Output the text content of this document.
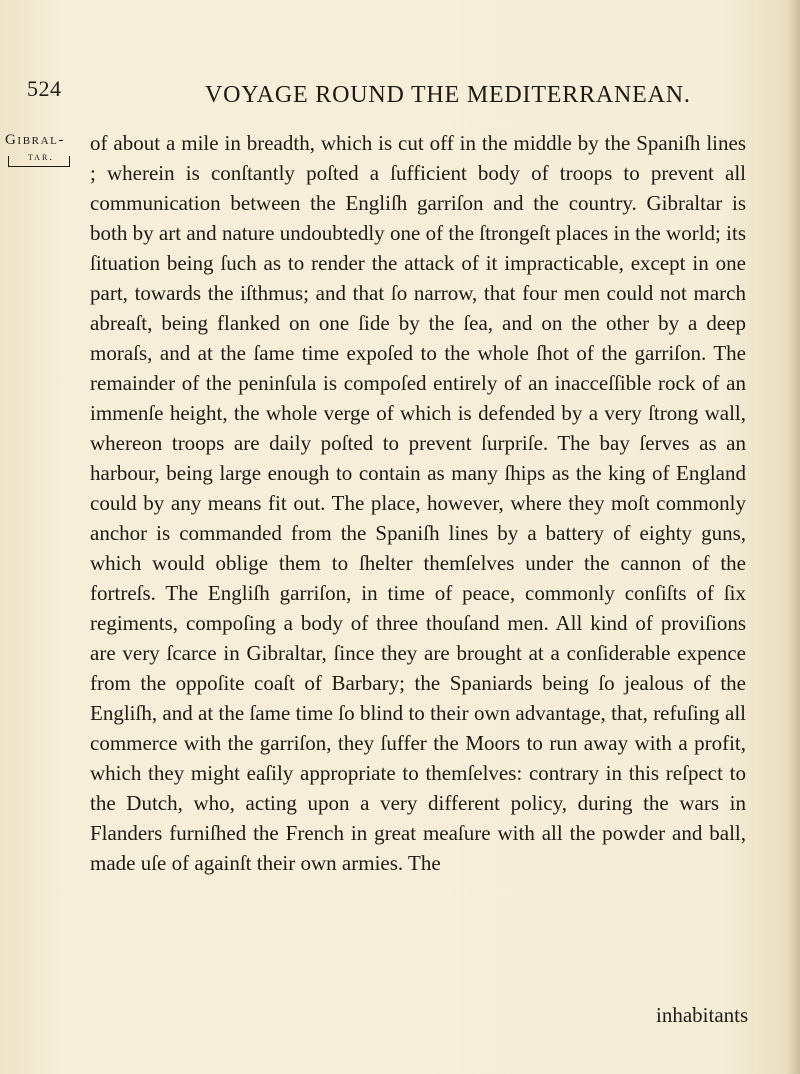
524	VOYAGE ROUND THE MEDITERRANEAN.
Gibral-
tar.

of about a mile in breadth, which is cut off in the middle by the Spaniſh lines ; wherein is conſtantly poſted a ſufficient body of troops to prevent all communication between the Engliſh garriſon and the country. Gibraltar is both by art and nature undoubtedly one of the ſtrongeſt places in the world; its ſituation being ſuch as to render the attack of it impracticable, except in one part, towards the iſthmus; and that ſo narrow, that four men could not march abreaſt, being flanked on one ſide by the ſea, and on the other by a deep moraſs, and at the ſame time expoſed to the whole ſhot of the garriſon. The remainder of the peninſula is compoſed entirely of an inacceſſible rock of an immenſe height, the whole verge of which is defended by a very ſtrong wall, whereon troops are daily poſted to prevent ſurpriſe. The bay ſerves as an harbour, being large enough to contain as many ſhips as the king of England could by any means fit out. The place, however, where they moſt commonly anchor is commanded from the Spaniſh lines by a battery of eighty guns, which would oblige them to ſhelter themſelves under the cannon of the fortreſs. The Engliſh garriſon, in time of peace, commonly conſiſts of ſix regiments, compoſing a body of three thouſand men. All kind of proviſions are very ſcarce in Gibraltar, ſince they are brought at a conſiderable expence from the oppoſite coaſt of Barbary; the Spaniards being ſo jealous of the Engliſh, and at the ſame time ſo blind to their own advantage, that, refuſing all commerce with the garriſon, they ſuffer the Moors to run away with a profit, which they might eaſily appropriate to themſelves: contrary in this reſpect to the Dutch, who, acting upon a very different policy, during the wars in Flanders furniſhed the French in great meaſure with all the powder and ball, made uſe of againſt their own armies. The

inhabitants
